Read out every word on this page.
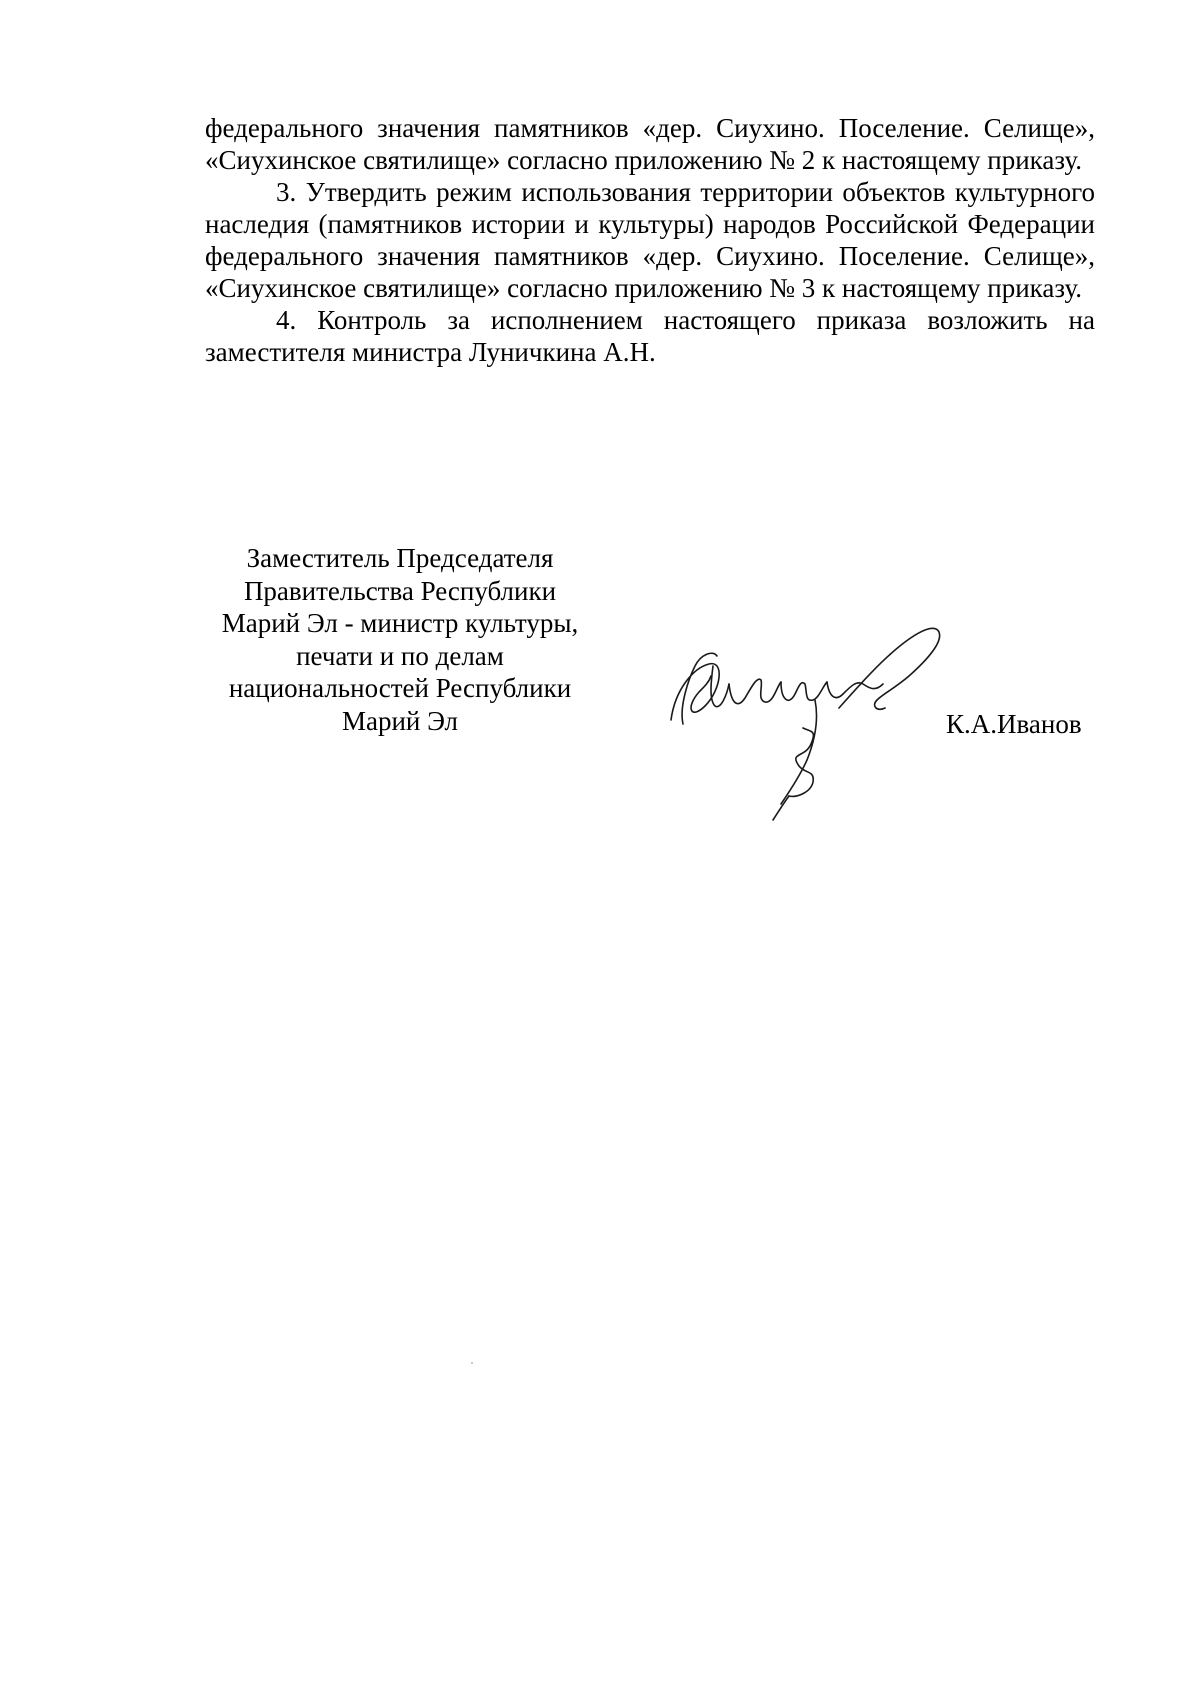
федерального значения памятников «дер. Сиухино. Поселение. Селище», «Сиухинское святилище» согласно приложению № 2 к настоящему приказу.

3. Утвердить режим использования территории объектов культурного наследия (памятников истории и культуры) народов Российской Федерации федерального значения памятников «дер. Сиухино. Поселение. Селище», «Сиухинское святилище» согласно приложению № 3 к настоящему приказу.

4. Контроль за исполнением настоящего приказа возложить на заместителя министра Луничкина А.Н.

Заместитель Председателя
Правительства Республики
Марий Эл - министр культуры,
печати и по делам
национальностей Республики
Марий Эл	К.А.Иванов
